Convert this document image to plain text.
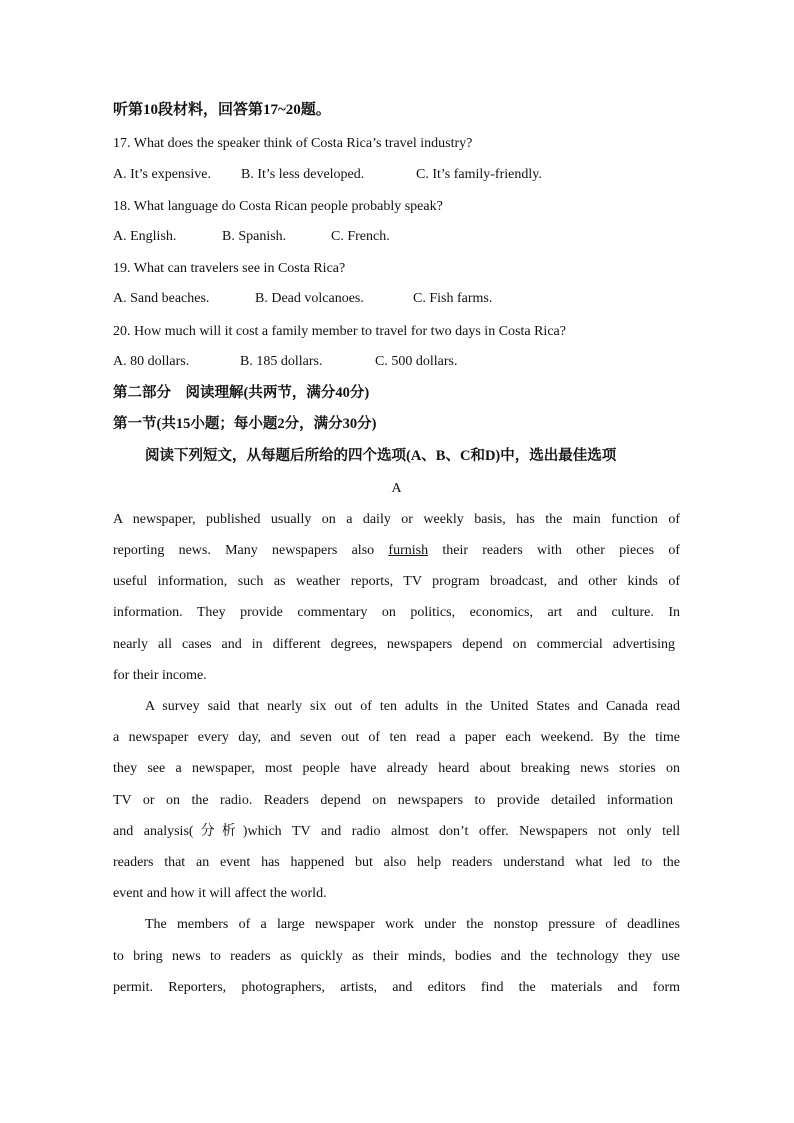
听第10段材料，回答第17~20题。
17. What does the speaker think of Costa Rica’s travel industry?
A. It’s expensive. B. It’s less developed.	C. It’s family-friendly.
18. What language do Costa Rican people probably speak?
A. English.	B. Spanish.	C. French.
19. What can travelers see in Costa Rica?
A. Sand beaches.	B. Dead volcanoes.	C. Fish farms.
20. How much will it cost a family member to travel for two days in Costa Rica?
A. 80 dollars.	B. 185 dollars.	C. 500 dollars.
第二部分　阅读理解(共两节，满分40分)
第一节(共15小题；每小题2分，满分30分)
阅读下列短文，从每题后所给的四个选项(A、B、C和D)中，选出最佳选项
A
A newspaper, published usually on a daily or weekly basis, has the main function of
reporting news. Many newspapers also furnish their readers with other pieces of
useful information, such as weather reports, TV program broadcast, and other kinds of
information. They provide commentary on politics, economics, art and culture. In
nearly all cases and in different degrees, newspapers depend on commercial advertising
for their income.
A survey said that nearly six out of ten adults in the United States and Canada read
a newspaper every day, and seven out of ten read a paper each weekend. By the time
they see a newspaper, most people have already heard about breaking news stories on
TV or on the radio. Readers depend on newspapers to provide detailed information
and analysis(分析)which TV and radio almost don’t offer. Newspapers not only tell
readers that an event has happened but also help readers understand what led to the
event and how it will affect the world.
The members of a large newspaper work under the nonstop pressure of deadlines
to bring news to readers as quickly as their minds, bodies and the technology they use
permit. Reporters, photographers, artists, and editors find the materials and form
